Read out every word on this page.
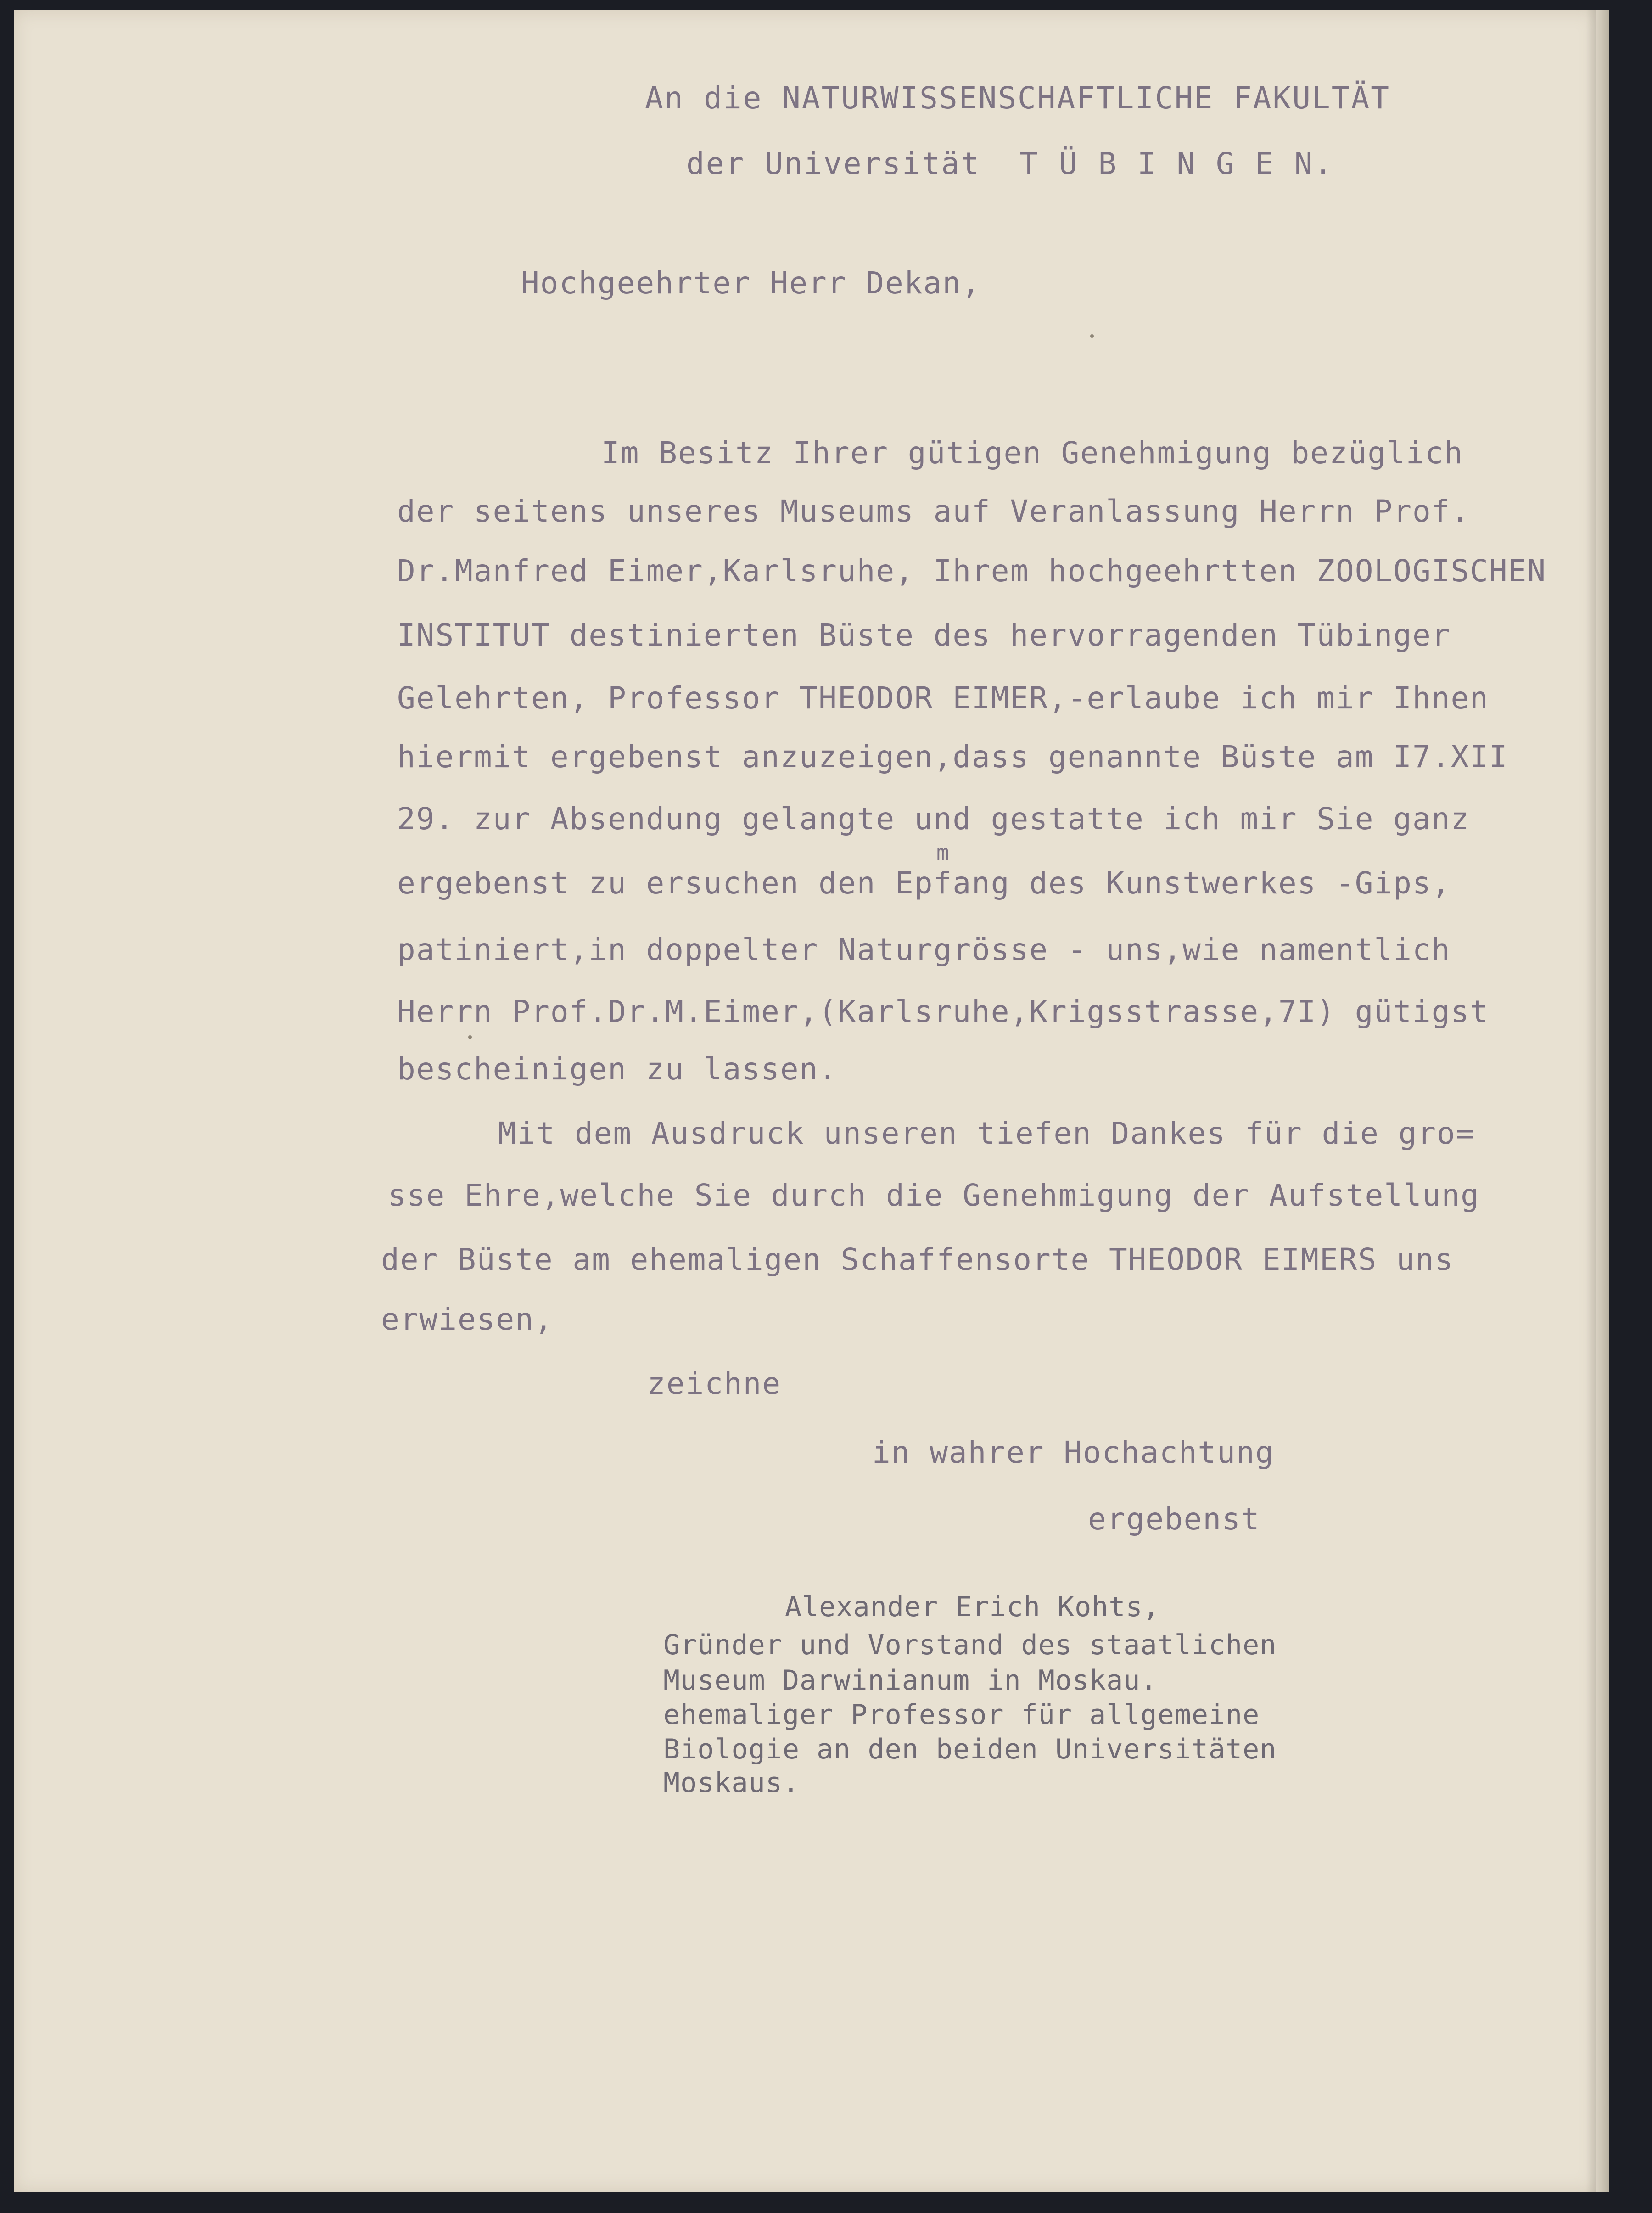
An die NATURWISSENSCHAFTLICHE FAKULTÄT

der Universität  T Ü B I N G E N.

Hochgeehrter Herr Dekan,

Im Besitz Ihrer gütigen Genehmigung bezüglich

der seitens unseres Museums auf Veranlassung Herrn Prof.

Dr.Manfred Eimer,Karlsruhe, Ihrem hochgeehrtten ZOOLOGISCHEN

INSTITUT destinierten Büste des hervorragenden Tübinger

Gelehrten, Professor THEODOR EIMER,-erlaube ich mir Ihnen

hiermit ergebenst anzuzeigen,dass genannte Büste am I7.XII

29. zur Absendung gelangte und gestatte ich mir Sie ganz

m

ergebenst zu ersuchen den Epfang des Kunstwerkes -Gips,

patiniert,in doppelter Naturgrösse - uns,wie namentlich

Herrn Prof.Dr.M.Eimer,(Karlsruhe,Krigsstrasse,7I) gütigst

bescheinigen zu lassen.

Mit dem Ausdruck unseren tiefen Dankes für die gro=

sse Ehre,welche Sie durch die Genehmigung der Aufstellung

der Büste am ehemaligen Schaffensorte THEODOR EIMERS uns

erwiesen,

zeichne

in wahrer Hochachtung

ergebenst

Alexander Erich Kohts,

Gründer und Vorstand des staatlichen

Museum Darwinianum in Moskau.

ehemaliger Professor für allgemeine

Biologie an den beiden Universitäten

Moskaus.
